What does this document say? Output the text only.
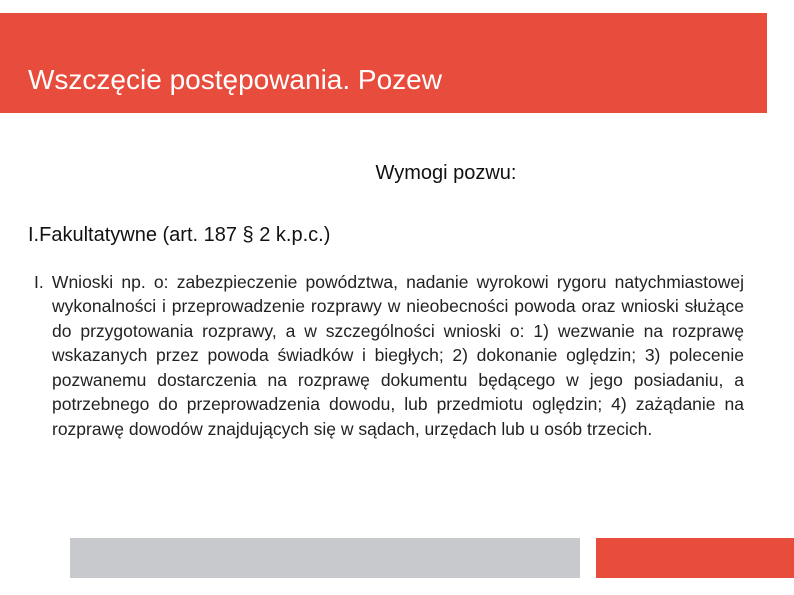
Wszczęcie postępowania. Pozew
Wymogi pozwu:
I.Fakultatywne (art. 187 § 2 k.p.c.)

I. Wnioski np. o: zabezpieczenie powództwa, nadanie wyrokowi rygoru natychmiastowej wykonalności i przeprowadzenie rozprawy w nieobecności powoda oraz wnioski służące do przygotowania rozprawy, a w szczególności wnioski o: 1) wezwanie na rozprawę wskazanych przez powoda świadków i biegłych; 2) dokonanie oględzin; 3) polecenie pozwanemu dostarczenia na rozprawę dokumentu będącego w jego posiadaniu, a potrzebnego do przeprowadzenia dowodu, lub przedmiotu oględzin; 4) zażądanie na rozprawę dowodów znajdujących się w sądach, urzędach lub u osób trzecich.
